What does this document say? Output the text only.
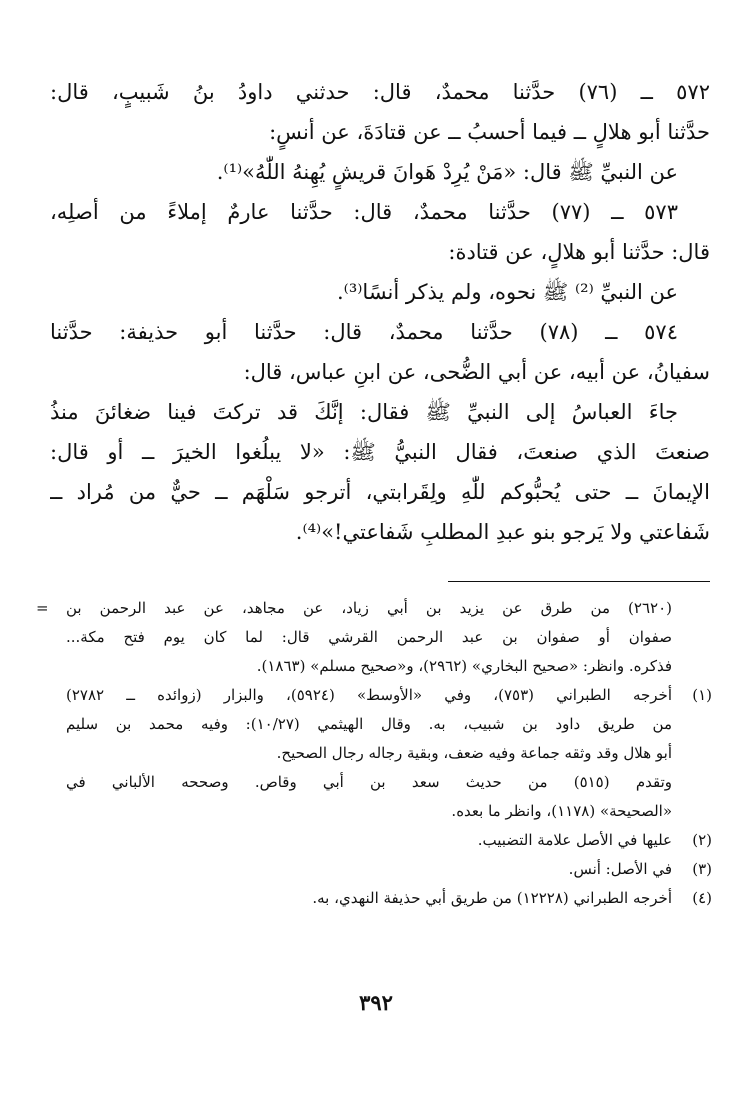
٥٧٢ ــ (٧٦) حدَّثنا محمدٌ، قال: حدثني داودُ بنُ شَبيبٍ، قال:
حدَّثنا أبو هلالٍ ــ فيما أحسبُ ــ عن قتادَةَ، عن أنسٍ:
عن النبيِّ ﷺ قال: «مَنْ يُرِدْ هَوانَ قريشٍ يُهِنهُ اللّٰهُ»⁽¹⁾.
٥٧٣ ــ (٧٧) حدَّثنا محمدٌ، قال: حدَّثنا عارمٌ إملاءً من أصلِه،
قال: حدَّثنا أبو هلالٍ، عن قتادة:
عن النبيِّ ⁽²⁾ ﷺ نحوه، ولم يذكر أنسًا⁽³⁾.
٥٧٤ ــ (٧٨) حدَّثنا محمدٌ، قال: حدَّثنا أبو حذيفة: حدَّثنا
سفيانُ، عن أبيه، عن أبي الضُّحى، عن ابنِ عباس، قال:
جاءَ العباسُ إلى النبيِّ ﷺ فقال: إنَّكَ قد تركتَ فينا ضغائنَ منذُ
صنعتَ الذي صنعتَ، فقال النبيُّ ﷺ: «لا يبلُغوا الخيرَ ــ أو قال:
الإيمانَ ــ حتى يُحبُّوكم للّٰهِ ولِقَرابتي، أترجو سَلْهَم ــ حيٌّ من مُراد ــ
شَفاعتي ولا يَرجو بنو عبدِ المطلبِ شَفاعتي!»⁽⁴⁾.
=	(٢٦٢٠) من طرق عن يزيد بن أبي زياد، عن مجاهد، عن عبد الرحمن بن
صفوان أو صفوان بن عبد الرحمن القرشي قال: لما كان يوم فتح مكة...
فذكره. وانظر: «صحيح البخاري» (٢٩٦٢)، و«صحيح مسلم» (١٨٦٣).
(١)
أخرجه الطبراني (٧٥٣)، وفي «الأوسط» (٥٩٢٤)، والبزار (زوائده ــ ٢٧٨٢)
من طريق داود بن شبيب، به. وقال الهيثمي (١٠/٢٧): وفيه محمد بن سليم
أبو هلال وقد وثقه جماعة وفيه ضعف، وبقية رجاله رجال الصحيح.
وتقدم (٥١٥) من حديث سعد بن أبي وقاص. وصححه الألباني في
«الصحيحة» (١١٧٨)، وانظر ما بعده.
(٢)
عليها في الأصل علامة التضبيب.
(٣)
في الأصل: أنس.
(٤)
أخرجه الطبراني (١٢٢٢٨) من طريق أبي حذيفة النهدي، به.
٣٩٢
